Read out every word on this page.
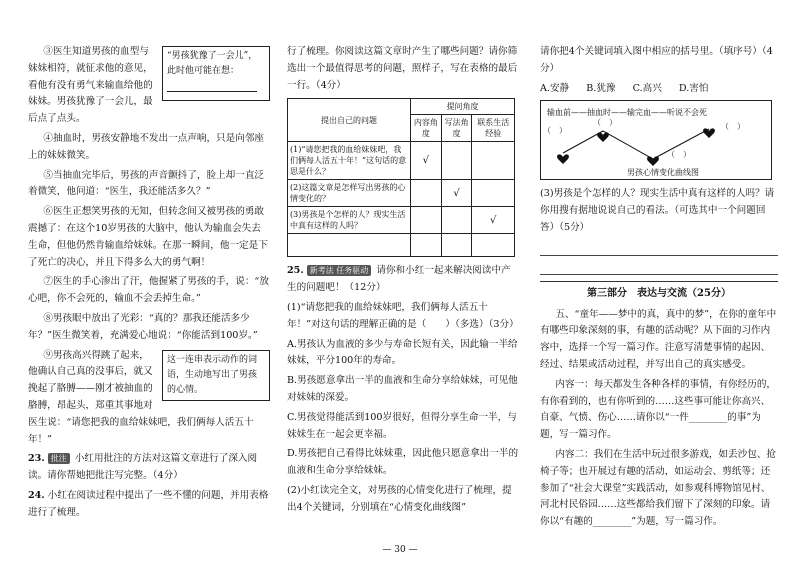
“男孩犹豫了一会儿”，此时他可能在想：

③医生知道男孩的血型与妹妹相符，就征求他的意见，看他有没有勇气来输血给他的妹妹。男孩犹豫了一会儿，最后点了点头。

④抽血时，男孩安静地不发出一点声响，只是向邻座上的妹妹微笑。

⑤当抽血完毕后，男孩的声音颤抖了，脸上却一直泛着微笑，他问道：“医生，我还能活多久？”

⑥医生正想笑男孩的无知，但转念间又被男孩的勇敢震撼了：在这个10岁男孩的大脑中，他认为输血会失去生命，但他仍然肯输血给妹妹。在那一瞬间，他一定是下了死亡的决心，并且下得多么大的勇气啊！

⑦医生的手心渗出了汗，他握紧了男孩的手，说：“放心吧，你不会死的，输血不会丢掉生命。”

⑧男孩眼中放出了光彩：“真的？那我还能活多少年？”医生微笑着，充满爱心地说：“你能活到100岁。”

这一连串表示动作的词语，生动地写出了男孩的心情。

⑨男孩高兴得跳了起来，他确认自己真的没事后，就又挽起了胳膊——刚才被抽血的胳膊，昂起头，郑重其事地对医生说：“请您把我的血给妹妹吧，我们俩每人活五十年！”

23. 批注 小红用批注的方法对这篇文章进行了深入阅读。请你帮她把批注写完整。（4分）

24. 小红在阅读过程中提出了一些不懂的问题，并用表格进行了梳理。

行了梳理。你阅读这篇文章时产生了哪些问题？请你筛选出一个最值得思考的问题，照样子，写在表格的最后一行。（4分）

提出自己的问题	提问角度		
	内容角度	写法角度	联系生活经验
(1)“请您把我的血给妹妹吧，我们俩每人活五十年！”这句话的意思是什么？	√		
(2)这篇文章是怎样写出男孩的心情变化的？		√	
(3)男孩是个怎样的人？现实生活中真有这样的人吗？			√

25. 新考法 任务驱动 请你和小红一起来解决阅读中产生的问题吧！（12分）

(1)“请您把我的血给妹妹吧，我们俩每人活五十年！”对这句话的理解正确的是（　　）（多选）（3分）

A.男孩认为血液的多少与寿命长短有关，因此输一半给妹妹，平分100年的寿命。

B.男孩愿意拿出一半的血液和生命分享给妹妹，可见他对妹妹的深爱。

C.男孩觉得能活到100岁很好，但得分享生命一半，与妹妹生在一起会更幸福。

D.男孩把自己看得比妹妹重，因此他只愿意拿出一半的血液和生命分享给妹妹。

(2)小红读完全文，对男孩的心情变化进行了梳理，提出4个关键词，分别填在“心情变化曲线图”

请你把4个关键词填入图中相应的括号里。（填序号）（4分）

A.安静 B.犹豫 C.高兴 D.害怕

输血前——抽血时——输完血——听说不会死
（　）
（　）
（　）
（　）
男孩心情变化曲线图

(3)男孩是个怎样的人？现实生活中真有这样的人吗？请你用搜有据地说说自己的看法。（可选其中一个问题回答）（5分）

第三部分　表达与交流（25分）

五、“童年——梦中的真，真中的梦”，在你的童年中有哪些印象深刻的事，有趣的活动呢？从下面的习作内容中，选择一个写一篇习作。注意写清楚事情的起因、经过、结果或活动过程，并写出自己的真实感受。

内容一：每天都发生各种各样的事情，有你经历的，有你看到的，也有你听到的……这些事可能让你高兴、自豪、气愤、伤心……请你以“一件________的事”为题，写一篇习作。

内容二：我们在生活中玩过很多游戏，如丢沙包、抢椅子等；也开展过有趣的活动，如运动会、剪纸等；还参加了“社会大课堂”实践活动，如参观科博物馆见村、河北村民俗园……这些都给我们留下了深刻的印象。请你以“有趣的________”为题，写一篇习作。

— 30 —
